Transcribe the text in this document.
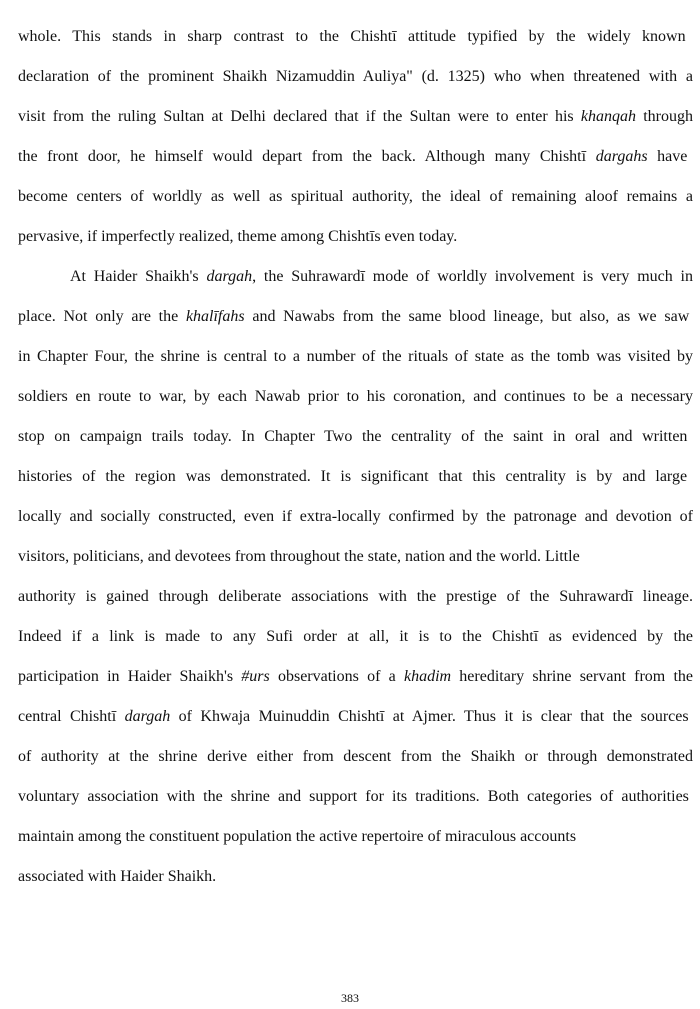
whole. This stands in sharp contrast to the Chishtī attitude typified by the widely known
declaration of the prominent Shaikh Nizamuddin Auliya" (d. 1325) who when threatened with a
visit from the ruling Sultan at Delhi declared that if the Sultan were to enter his khanqah through
the front door, he himself would depart from the back. Although many Chishtī dargahs have
become centers of worldly as well as spiritual authority, the ideal of remaining aloof remains a
pervasive, if imperfectly realized, theme among Chishtīs even today.
At Haider Shaikh's dargah, the Suhrawardī mode of worldly involvement is very much in
place. Not only are the khalīfahs and Nawabs from the same blood lineage, but also, as we saw
in Chapter Four, the shrine is central to a number of the rituals of state as the tomb was visited by
soldiers en route to war, by each Nawab prior to his coronation, and continues to be a necessary
stop on campaign trails today. In Chapter Two the centrality of the saint in oral and written
histories of the region was demonstrated. It is significant that this centrality is by and large
locally and socially constructed, even if extra-locally confirmed by the patronage and devotion of
visitors, politicians, and devotees from throughout the state, nation and the world. Little
authority is gained through deliberate associations with the prestige of the Suhrawardī lineage.
Indeed if a link is made to any Sufi order at all, it is to the Chishtī as evidenced by the
participation in Haider Shaikh's #urs observations of a khadim hereditary shrine servant from the
central Chishtī dargah of Khwaja Muinuddin Chishtī at Ajmer. Thus it is clear that the sources
of authority at the shrine derive either from descent from the Shaikh or through demonstrated
voluntary association with the shrine and support for its traditions. Both categories of authorities
maintain among the constituent population the active repertoire of miraculous accounts
associated with Haider Shaikh.
383
